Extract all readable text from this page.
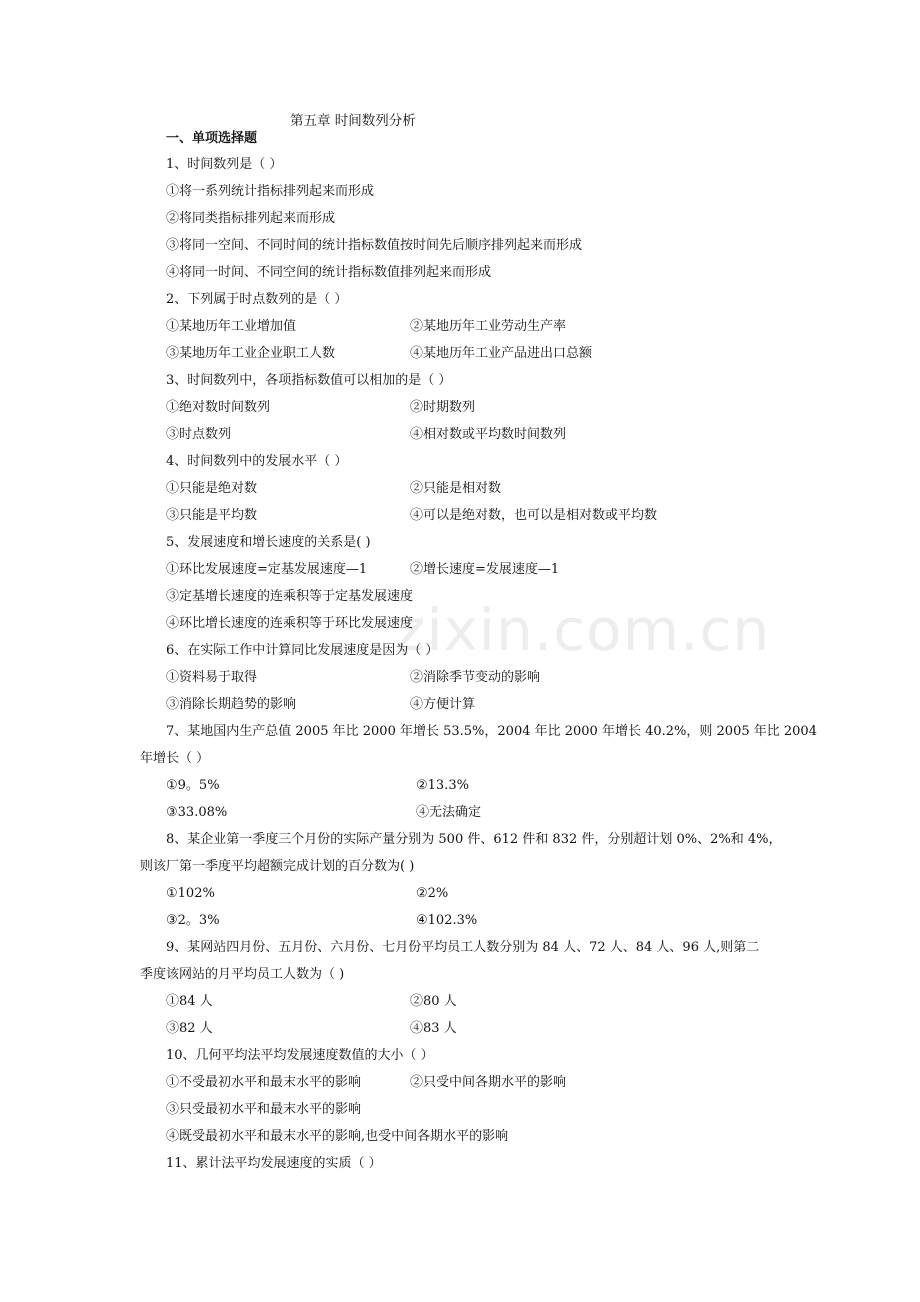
zixin.com.cn
第五章 时间数列分析
一、单项选择题
1、时间数列是（ ）
①将一系列统计指标排列起来而形成
②将同类指标排列起来而形成
③将同一空间、不同时间的统计指标数值按时间先后顺序排列起来而形成
④将同一时间、不同空间的统计指标数值排列起来而形成
2、下列属于时点数列的是（ ）
①某地历年工业增加值	②某地历年工业劳动生产率
③某地历年工业企业职工人数	④某地历年工业产品进出口总额
3、时间数列中，各项指标数值可以相加的是（ ）
①绝对数时间数列	②时期数列
③时点数列	④相对数或平均数时间数列
4、时间数列中的发展水平（ ）
①只能是绝对数	②只能是相对数
③只能是平均数	④可以是绝对数，也可以是相对数或平均数
5、发展速度和增长速度的关系是( )
①环比发展速度=定基发展速度—1	②增长速度=发展速度—1
③定基增长速度的连乘积等于定基发展速度
④环比增长速度的连乘积等于环比发展速度
6、在实际工作中计算同比发展速度是因为（ ）
①资料易于取得	②消除季节变动的影响
③消除长期趋势的影响	④方便计算
7、某地国内生产总值 2005 年比 2000 年增长 53.5%，2004 年比 2000 年增长 40.2%，则 2005 年比 2004
年增长（ ）
①9。5%	②13.3%
③33.08%	④无法确定
8、某企业第一季度三个月份的实际产量分别为 500 件、612 件和 832 件，分别超计划 0%、2%和 4%，
则该厂第一季度平均超额完成计划的百分数为( )
①102%	②2%
③2。3%	④102.3%
9、某网站四月份、五月份、六月份、七月份平均员工人数分别为 84 人、72 人、84 人、96 人,则第二
季度该网站的月平均员工人数为（ )
①84 人	②80 人
③82 人	④83 人
10、几何平均法平均发展速度数值的大小（ ）
①不受最初水平和最末水平的影响	②只受中间各期水平的影响
③只受最初水平和最末水平的影响
④既受最初水平和最末水平的影响,也受中间各期水平的影响
11、累计法平均发展速度的实质（ ）
